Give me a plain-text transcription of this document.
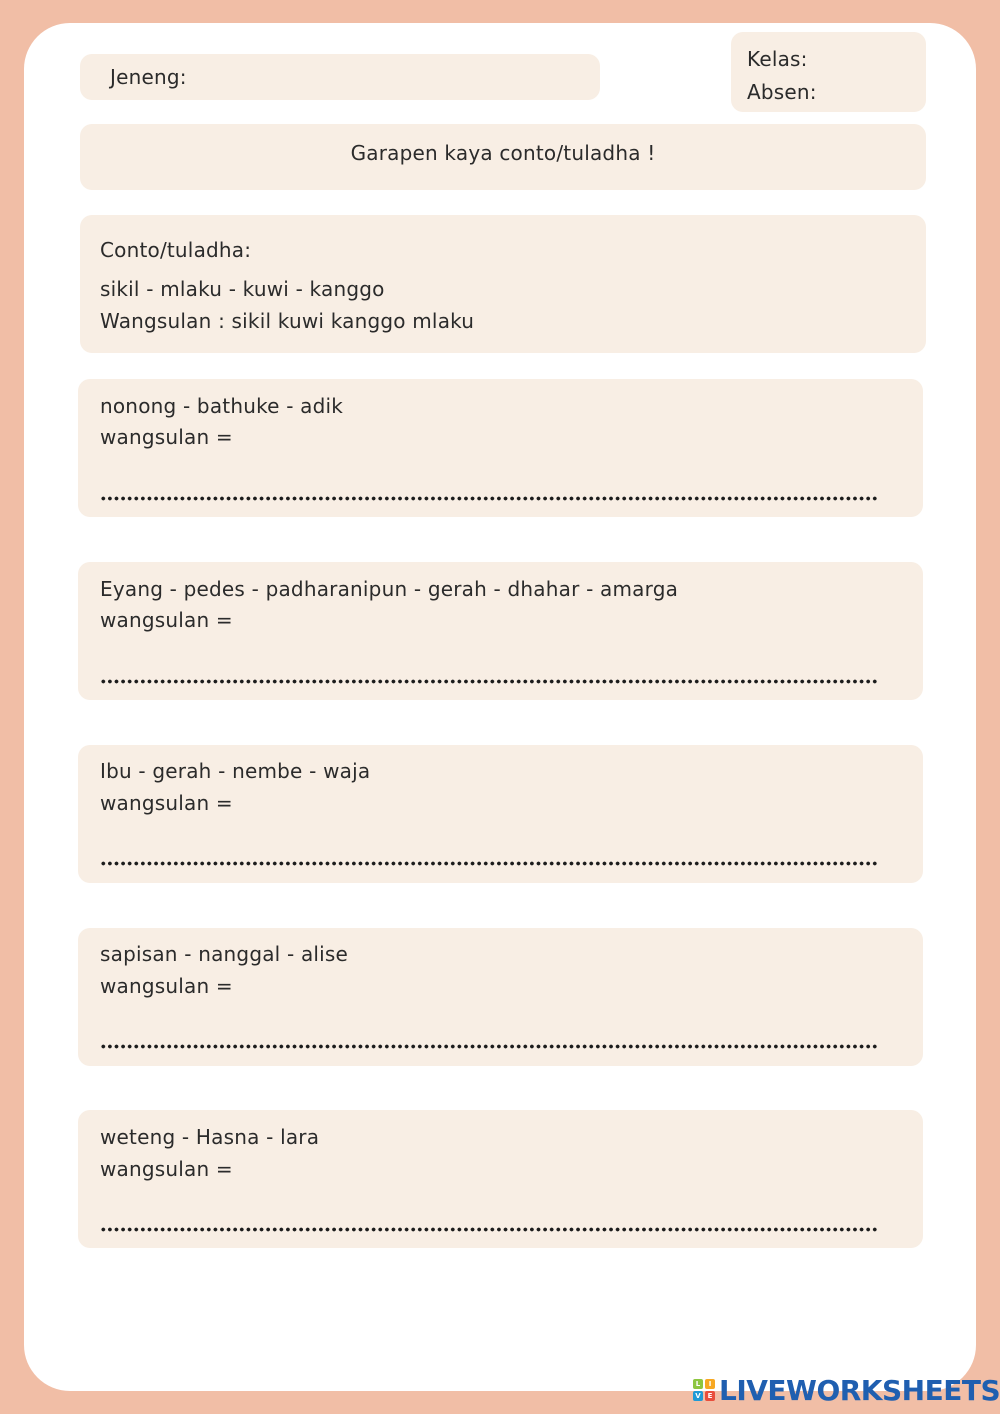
Jeneng:
Kelas:
Absen:
Garapen kaya conto/tuladha !
Conto/tuladha:
sikil - mlaku - kuwi - kanggo
Wangsulan : sikil kuwi kanggo mlaku
nonong - bathuke - adik
wangsulan =
Eyang - pedes - padharanipun - gerah - dhahar - amarga
wangsulan =
Ibu - gerah - nembe - waja
wangsulan =
sapisan - nanggal - alise
wangsulan =
weteng - Hasna - lara
wangsulan =
L	I
V E LIVEWORKSHEETS
